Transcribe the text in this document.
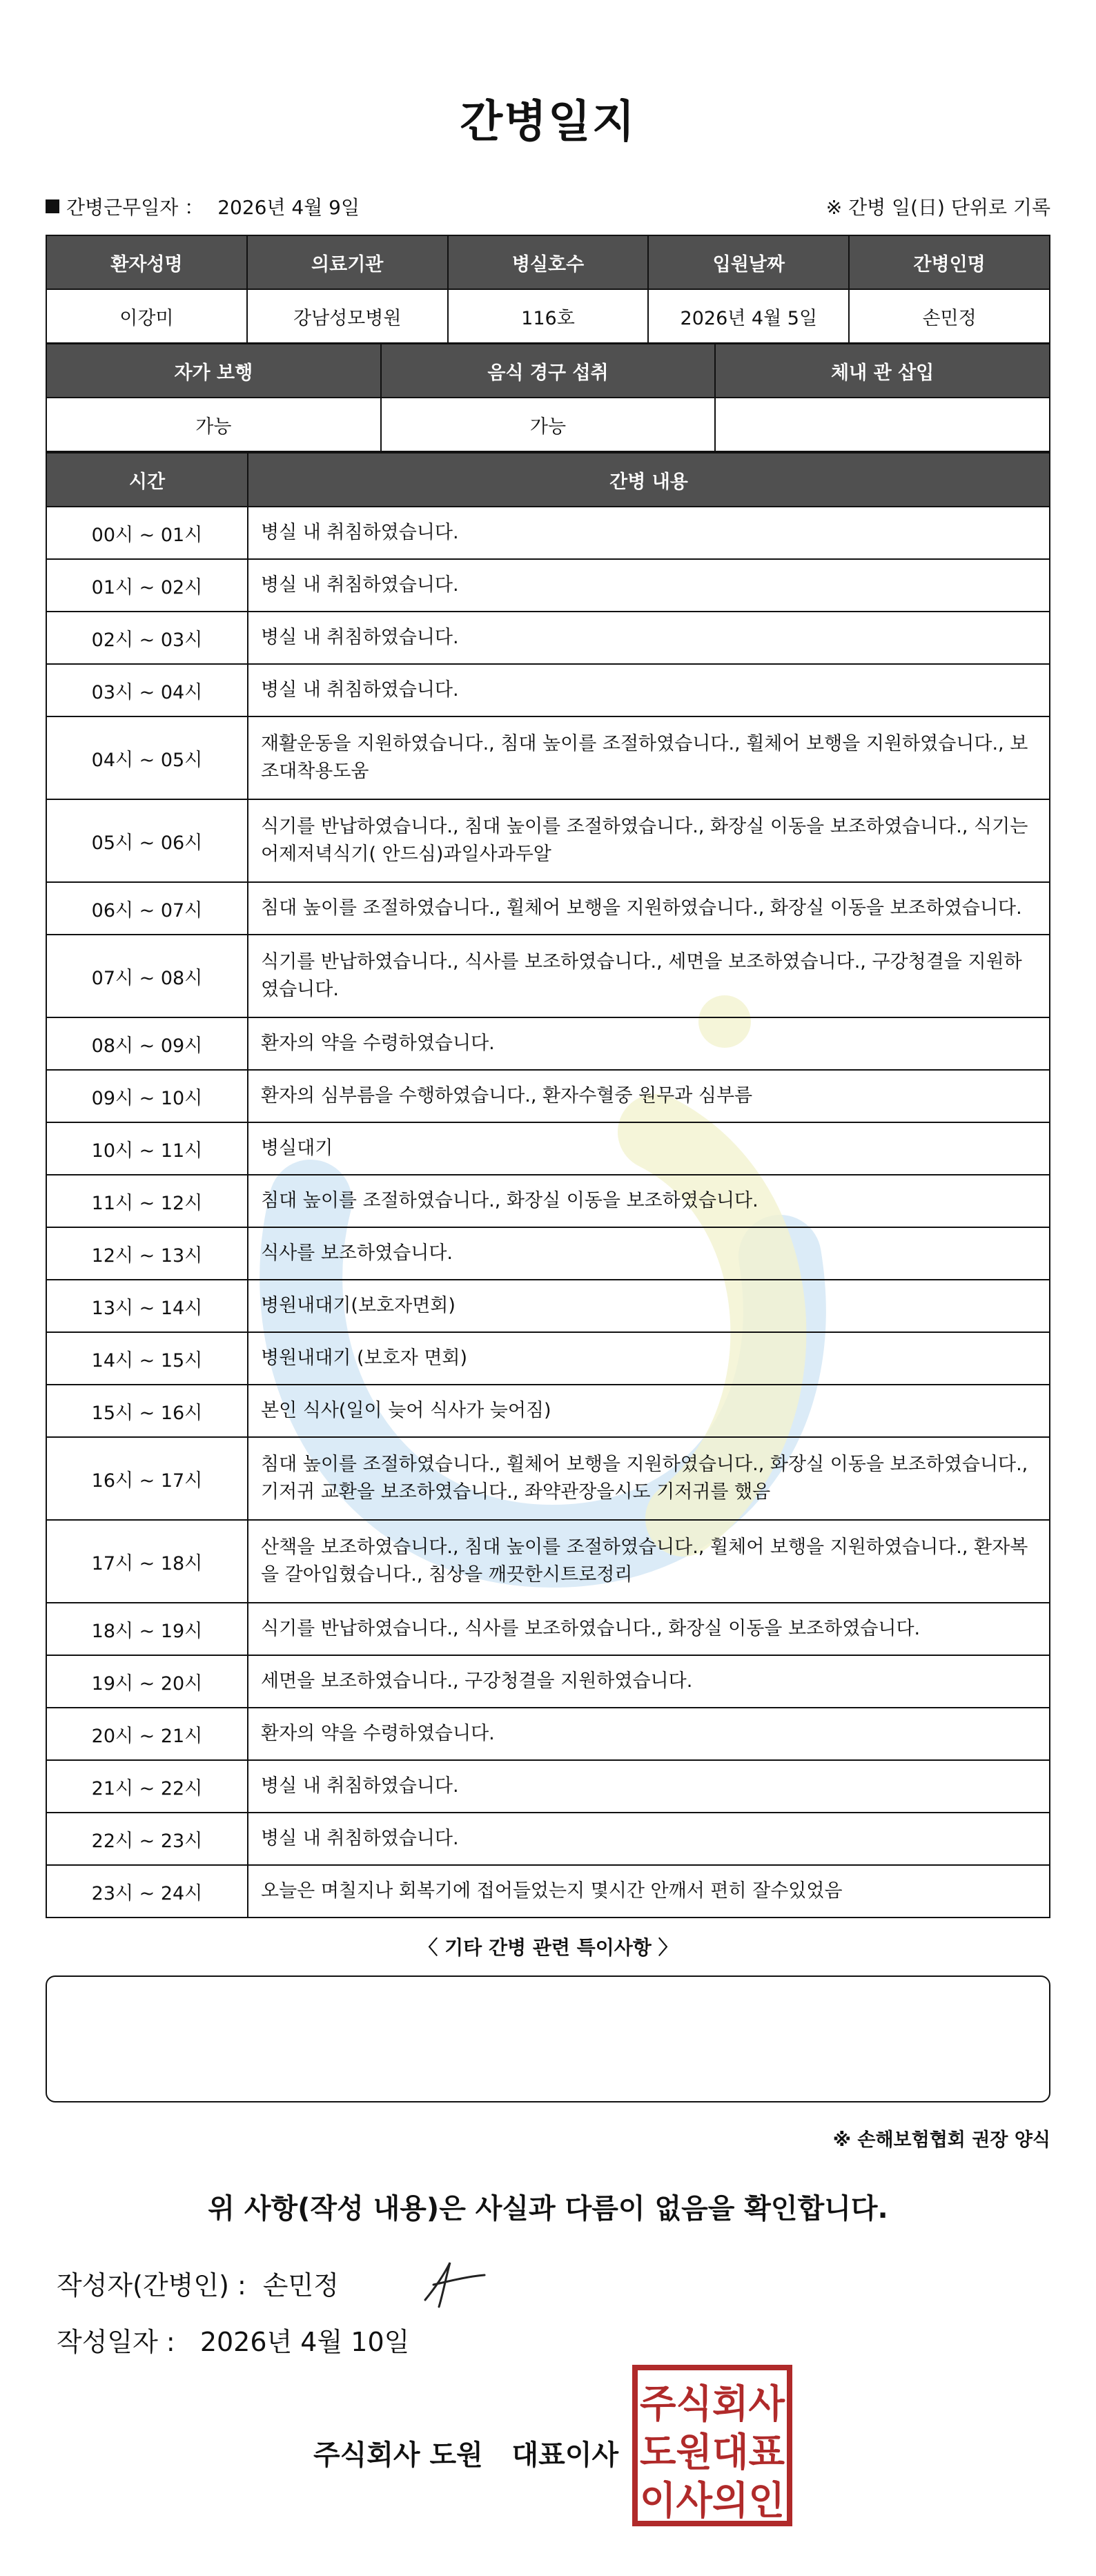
간병일지
간병근무일자 ： 2026년 4월 9일	※ 간병 일(日) 단위로 기록
환자성명	의료기관	병실호수	입원날짜	간병인명
이강미	강남성모병원	116호	2026년 4월 5일	손민정
자가 보행	음식 경구 섭취	체내 관 삽입
가능	가능	
시간	간병 내용
00시 ~ 01시	병실 내 취침하였습니다.
01시 ~ 02시	병실 내 취침하였습니다.
02시 ~ 03시	병실 내 취침하였습니다.
03시 ~ 04시	병실 내 취침하였습니다.
04시 ~ 05시	재활운동을 지원하였습니다., 침대 높이를 조절하였습니다., 휠체어 보행을 지원하였습니다., 보조대착용도움
05시 ~ 06시	식기를 반납하였습니다., 침대 높이를 조절하였습니다., 화장실 이동을 보조하였습니다., 식기는 어제저녁식기( 안드심)과일사과두알
06시 ~ 07시	침대 높이를 조절하였습니다., 휠체어 보행을 지원하였습니다., 화장실 이동을 보조하였습니다.
07시 ~ 08시	식기를 반납하였습니다., 식사를 보조하였습니다., 세면을 보조하였습니다., 구강청결을 지원하였습니다.
08시 ~ 09시	환자의 약을 수령하였습니다.
09시 ~ 10시	환자의 심부름을 수행하였습니다., 환자수혈중 원무과 심부름
10시 ~ 11시	병실대기
11시 ~ 12시	침대 높이를 조절하였습니다., 화장실 이동을 보조하였습니다.
12시 ~ 13시	식사를 보조하였습니다.
13시 ~ 14시	병원내대기(보호자면회)
14시 ~ 15시	병원내대기 (보호자 면회)
15시 ~ 16시	본인 식사(일이 늦어 식사가 늦어짐)
16시 ~ 17시	침대 높이를 조절하였습니다., 휠체어 보행을 지원하였습니다., 화장실 이동을 보조하였습니다., 기저귀 교환을 보조하였습니다., 좌약관장을시도 기저귀를 했음
17시 ~ 18시	산책을 보조하였습니다., 침대 높이를 조절하였습니다., 휠체어 보행을 지원하였습니다., 환자복을 갈아입혔습니다., 침상을 깨끗한시트로정리
18시 ~ 19시	식기를 반납하였습니다., 식사를 보조하였습니다., 화장실 이동을 보조하였습니다.
19시 ~ 20시	세면을 보조하였습니다., 구강청결을 지원하였습니다.
20시 ~ 21시	환자의 약을 수령하였습니다.
21시 ~ 22시	병실 내 취침하였습니다.
22시 ~ 23시	병실 내 취침하였습니다.
23시 ~ 24시	오늘은 며칠지나 회복기에 접어들었는지 몇시간 안깨서 편히 잘수있었음
〈 기타 간병 관련 특이사항 〉
※ 손해보험협회 권장 양식
위 사항(작성 내용)은 사실과 다름이 없음을 확인합니다.
작성자(간병인) : 손민정
작성일자 : 2026년 4월 10일
주식회사 도원   대표이사
주식회사
도원대표
이사의인
